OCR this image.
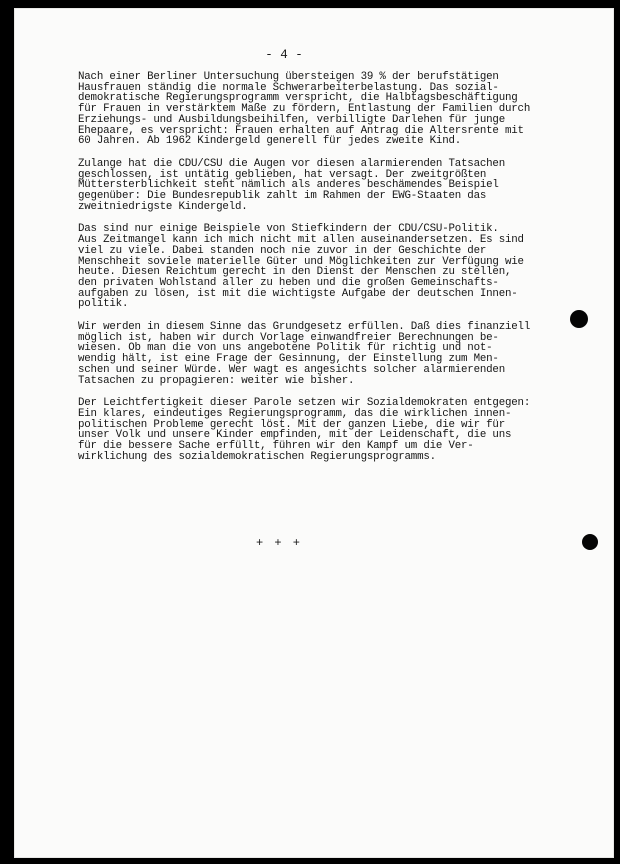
- 4 -

Nach einer Berliner Untersuchung übersteigen 39 % der berufstätigen
Hausfrauen ständig die normale Schwerarbeiterbelastung. Das sozial-
demokratische Regierungsprogramm verspricht, die Halbtagsbeschäftigung
für Frauen in verstärktem Maße zu fördern, Entlastung der Familien durch
Erziehungs- und Ausbildungsbeihilfen, verbilligte Darlehen für junge
Ehepaare, es verspricht: Frauen erhalten auf Antrag die Altersrente mit
60 Jahren. Ab 1962 Kindergeld generell für jedes zweite Kind.

Zulange hat die CDU/CSU die Augen vor diesen alarmierenden Tatsachen
geschlossen, ist untätig geblieben, hat versagt. Der zweitgrößten
Müttersterblichkeit steht nämlich als anderes beschämendes Beispiel
gegenüber: Die Bundesrepublik zahlt im Rahmen der EWG-Staaten das
zweitniedrigste Kindergeld.

Das sind nur einige Beispiele von Stiefkindern der CDU/CSU-Politik.
Aus Zeitmangel kann ich mich nicht mit allen auseinandersetzen. Es sind
viel zu viele. Dabei standen noch nie zuvor in der Geschichte der
Menschheit soviele materielle Güter und Möglichkeiten zur Verfügung wie
heute. Diesen Reichtum gerecht in den Dienst der Menschen zu stellen,
den privaten Wohlstand aller zu heben und die großen Gemeinschafts-
aufgaben zu lösen, ist mit die wichtigste Aufgabe der deutschen Innen-
politik.

Wir werden in diesem Sinne das Grundgesetz erfüllen. Daß dies finanziell
möglich ist, haben wir durch Vorlage einwandfreier Berechnungen be-
wiesen. Ob man die von uns angebotene Politik für richtig und not-
wendig hält, ist eine Frage der Gesinnung, der Einstellung zum Men-
schen und seiner Würde. Wer wagt es angesichts solcher alarmierenden
Tatsachen zu propagieren: weiter wie bisher.

Der Leichtfertigkeit dieser Parole setzen wir Sozialdemokraten entgegen:
Ein klares, eindeutiges Regierungsprogramm, das die wirklichen innen-
politischen Probleme gerecht löst. Mit der ganzen Liebe, die wir für
unser Volk und unsere Kinder empfinden, mit der Leidenschaft, die uns
für die bessere Sache erfüllt, führen wir den Kampf um die Ver-
wirklichung des sozialdemokratischen Regierungsprogramms.

+ + +
